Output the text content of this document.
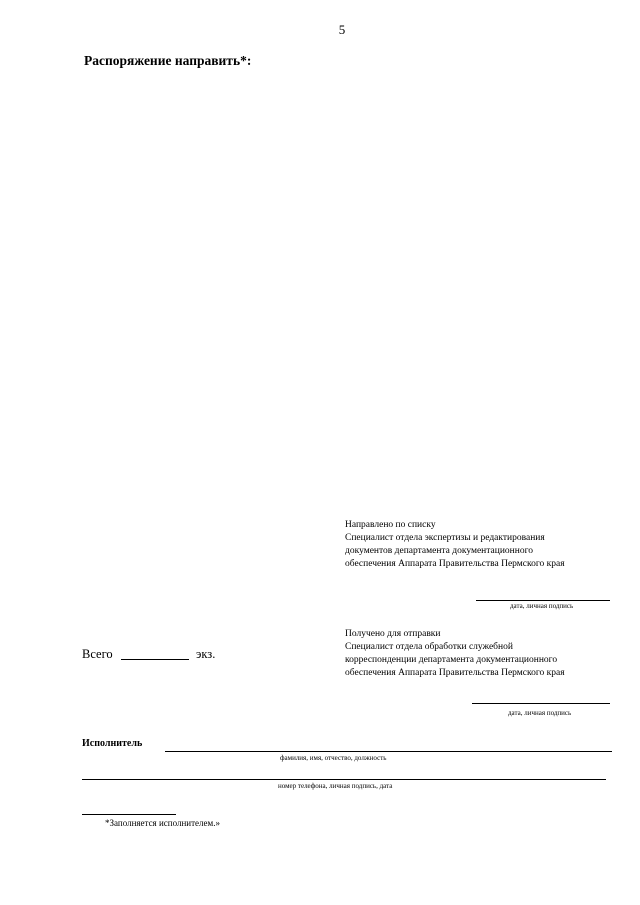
5
Распоряжение направить*:
Направлено по списку
Специалист отдела экспертизы и редактирования
документов департамента документационного
обеспечения Аппарата Правительства Пермского края
дата, личная подпись
Всего	экз.
Получено для отправки
Специалист отдела обработки служебной
корреспонденции департамента документационного
обеспечения Аппарата Правительства Пермского края
дата, личная подпись
Исполнитель
фамилия, имя, отчество, должность
номер телефона, личная подпись, дата
*Заполняется исполнителем.»
